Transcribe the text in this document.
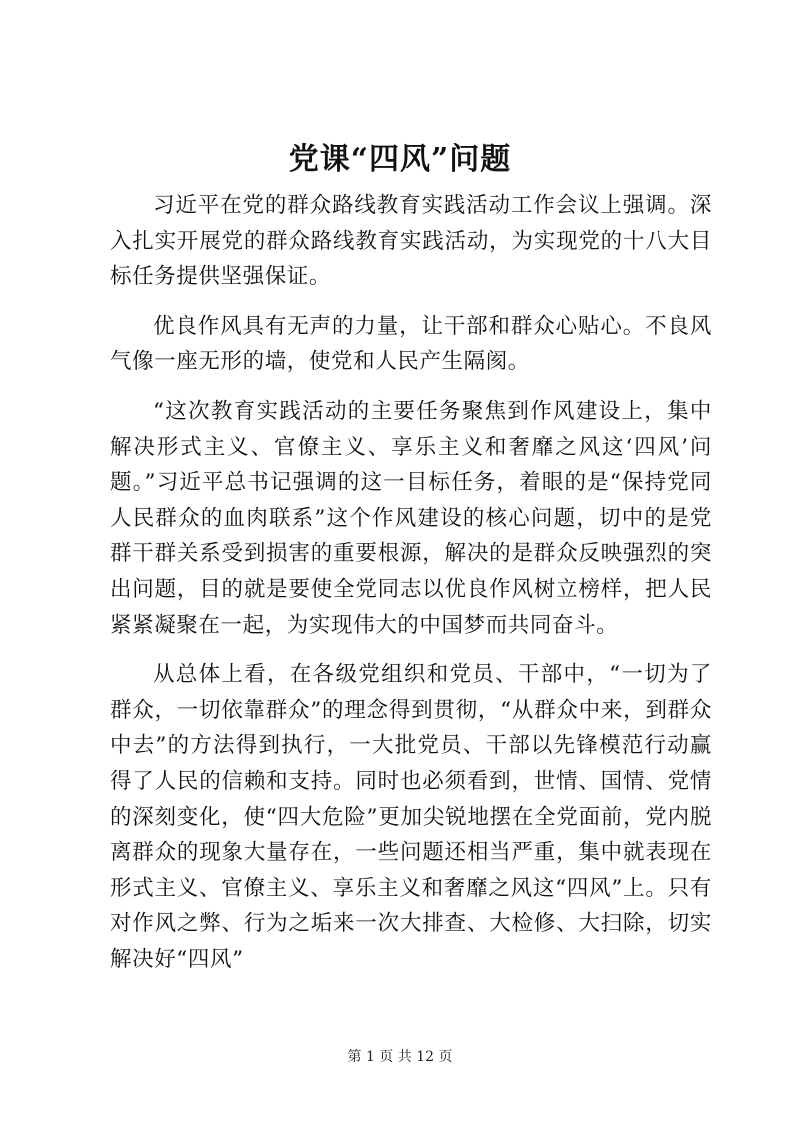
党课“四风”问题

习近平在党的群众路线教育实践活动工作会议上强调。深入扎实开展党的群众路线教育实践活动，为实现党的十八大目标任务提供坚强保证。

优良作风具有无声的力量，让干部和群众心贴心。不良风气像一座无形的墙，使党和人民产生隔阂。

“这次教育实践活动的主要任务聚焦到作风建设上，集中解决形式主义、官僚主义、享乐主义和奢靡之风这‘四风’问题。”习近平总书记强调的这一目标任务，着眼的是“保持党同人民群众的血肉联系”这个作风建设的核心问题，切中的是党群干群关系受到损害的重要根源，解决的是群众反映强烈的突出问题，目的就是要使全党同志以优良作风树立榜样，把人民紧紧凝聚在一起，为实现伟大的中国梦而共同奋斗。

从总体上看，在各级党组织和党员、干部中，“一切为了群众，一切依靠群众”的理念得到贯彻，“从群众中来，到群众中去”的方法得到执行，一大批党员、干部以先锋模范行动赢得了人民的信赖和支持。同时也必须看到，世情、国情、党情的深刻变化，使“四大危险”更加尖锐地摆在全党面前，党内脱离群众的现象大量存在，一些问题还相当严重，集中就表现在形式主义、官僚主义、享乐主义和奢靡之风这“四风”上。只有对作风之弊、行为之垢来一次大排查、大检修、大扫除，切实解决好“四风”

第 1 页 共 12 页
